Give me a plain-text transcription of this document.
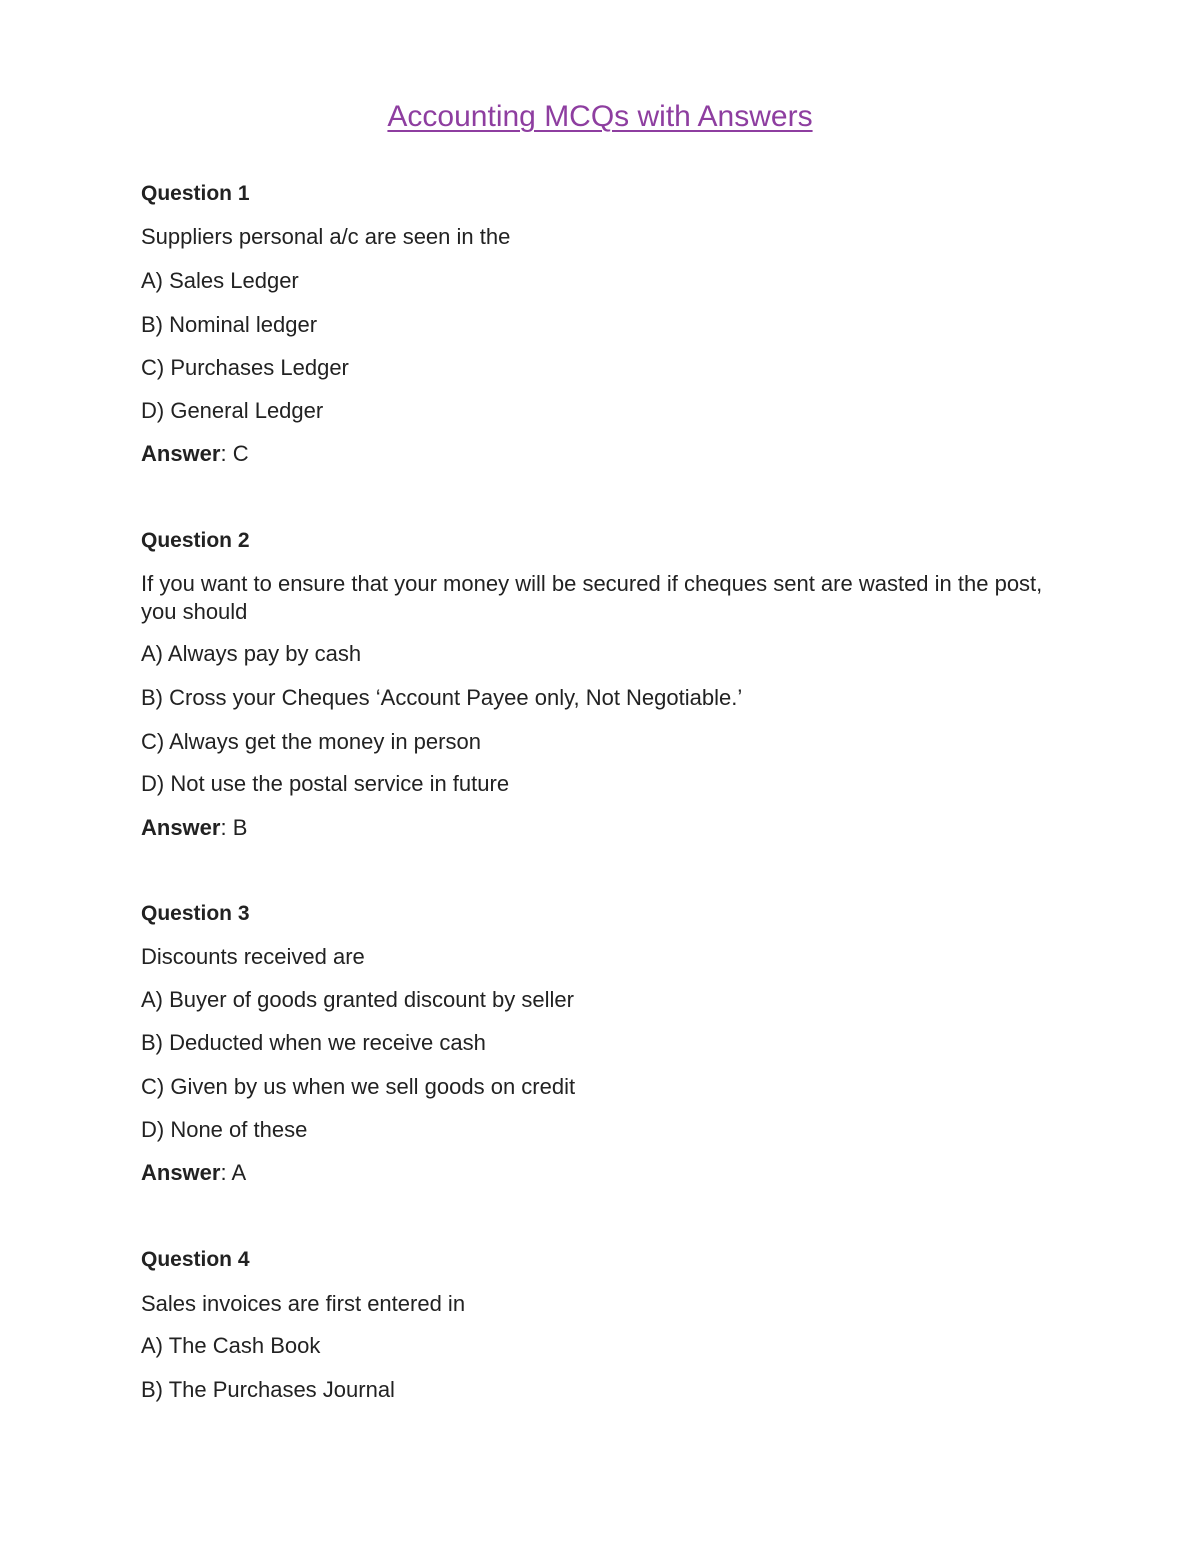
Accounting MCQs with Answers

Question 1

Suppliers personal a/c are seen in the

A) Sales Ledger

B) Nominal ledger

C) Purchases Ledger

D) General Ledger

Answer: C

Question 2

If you want to ensure that your money will be secured if cheques sent are wasted in the post, you should

A) Always pay by cash

B) Cross your Cheques ‘Account Payee only, Not Negotiable.’

C) Always get the money in person

D) Not use the postal service in future

Answer: B

Question 3

Discounts received are

A) Buyer of goods granted discount by seller

B) Deducted when we receive cash

C) Given by us when we sell goods on credit

D) None of these

Answer: A

Question 4

Sales invoices are first entered in

A) The Cash Book

B) The Purchases Journal
